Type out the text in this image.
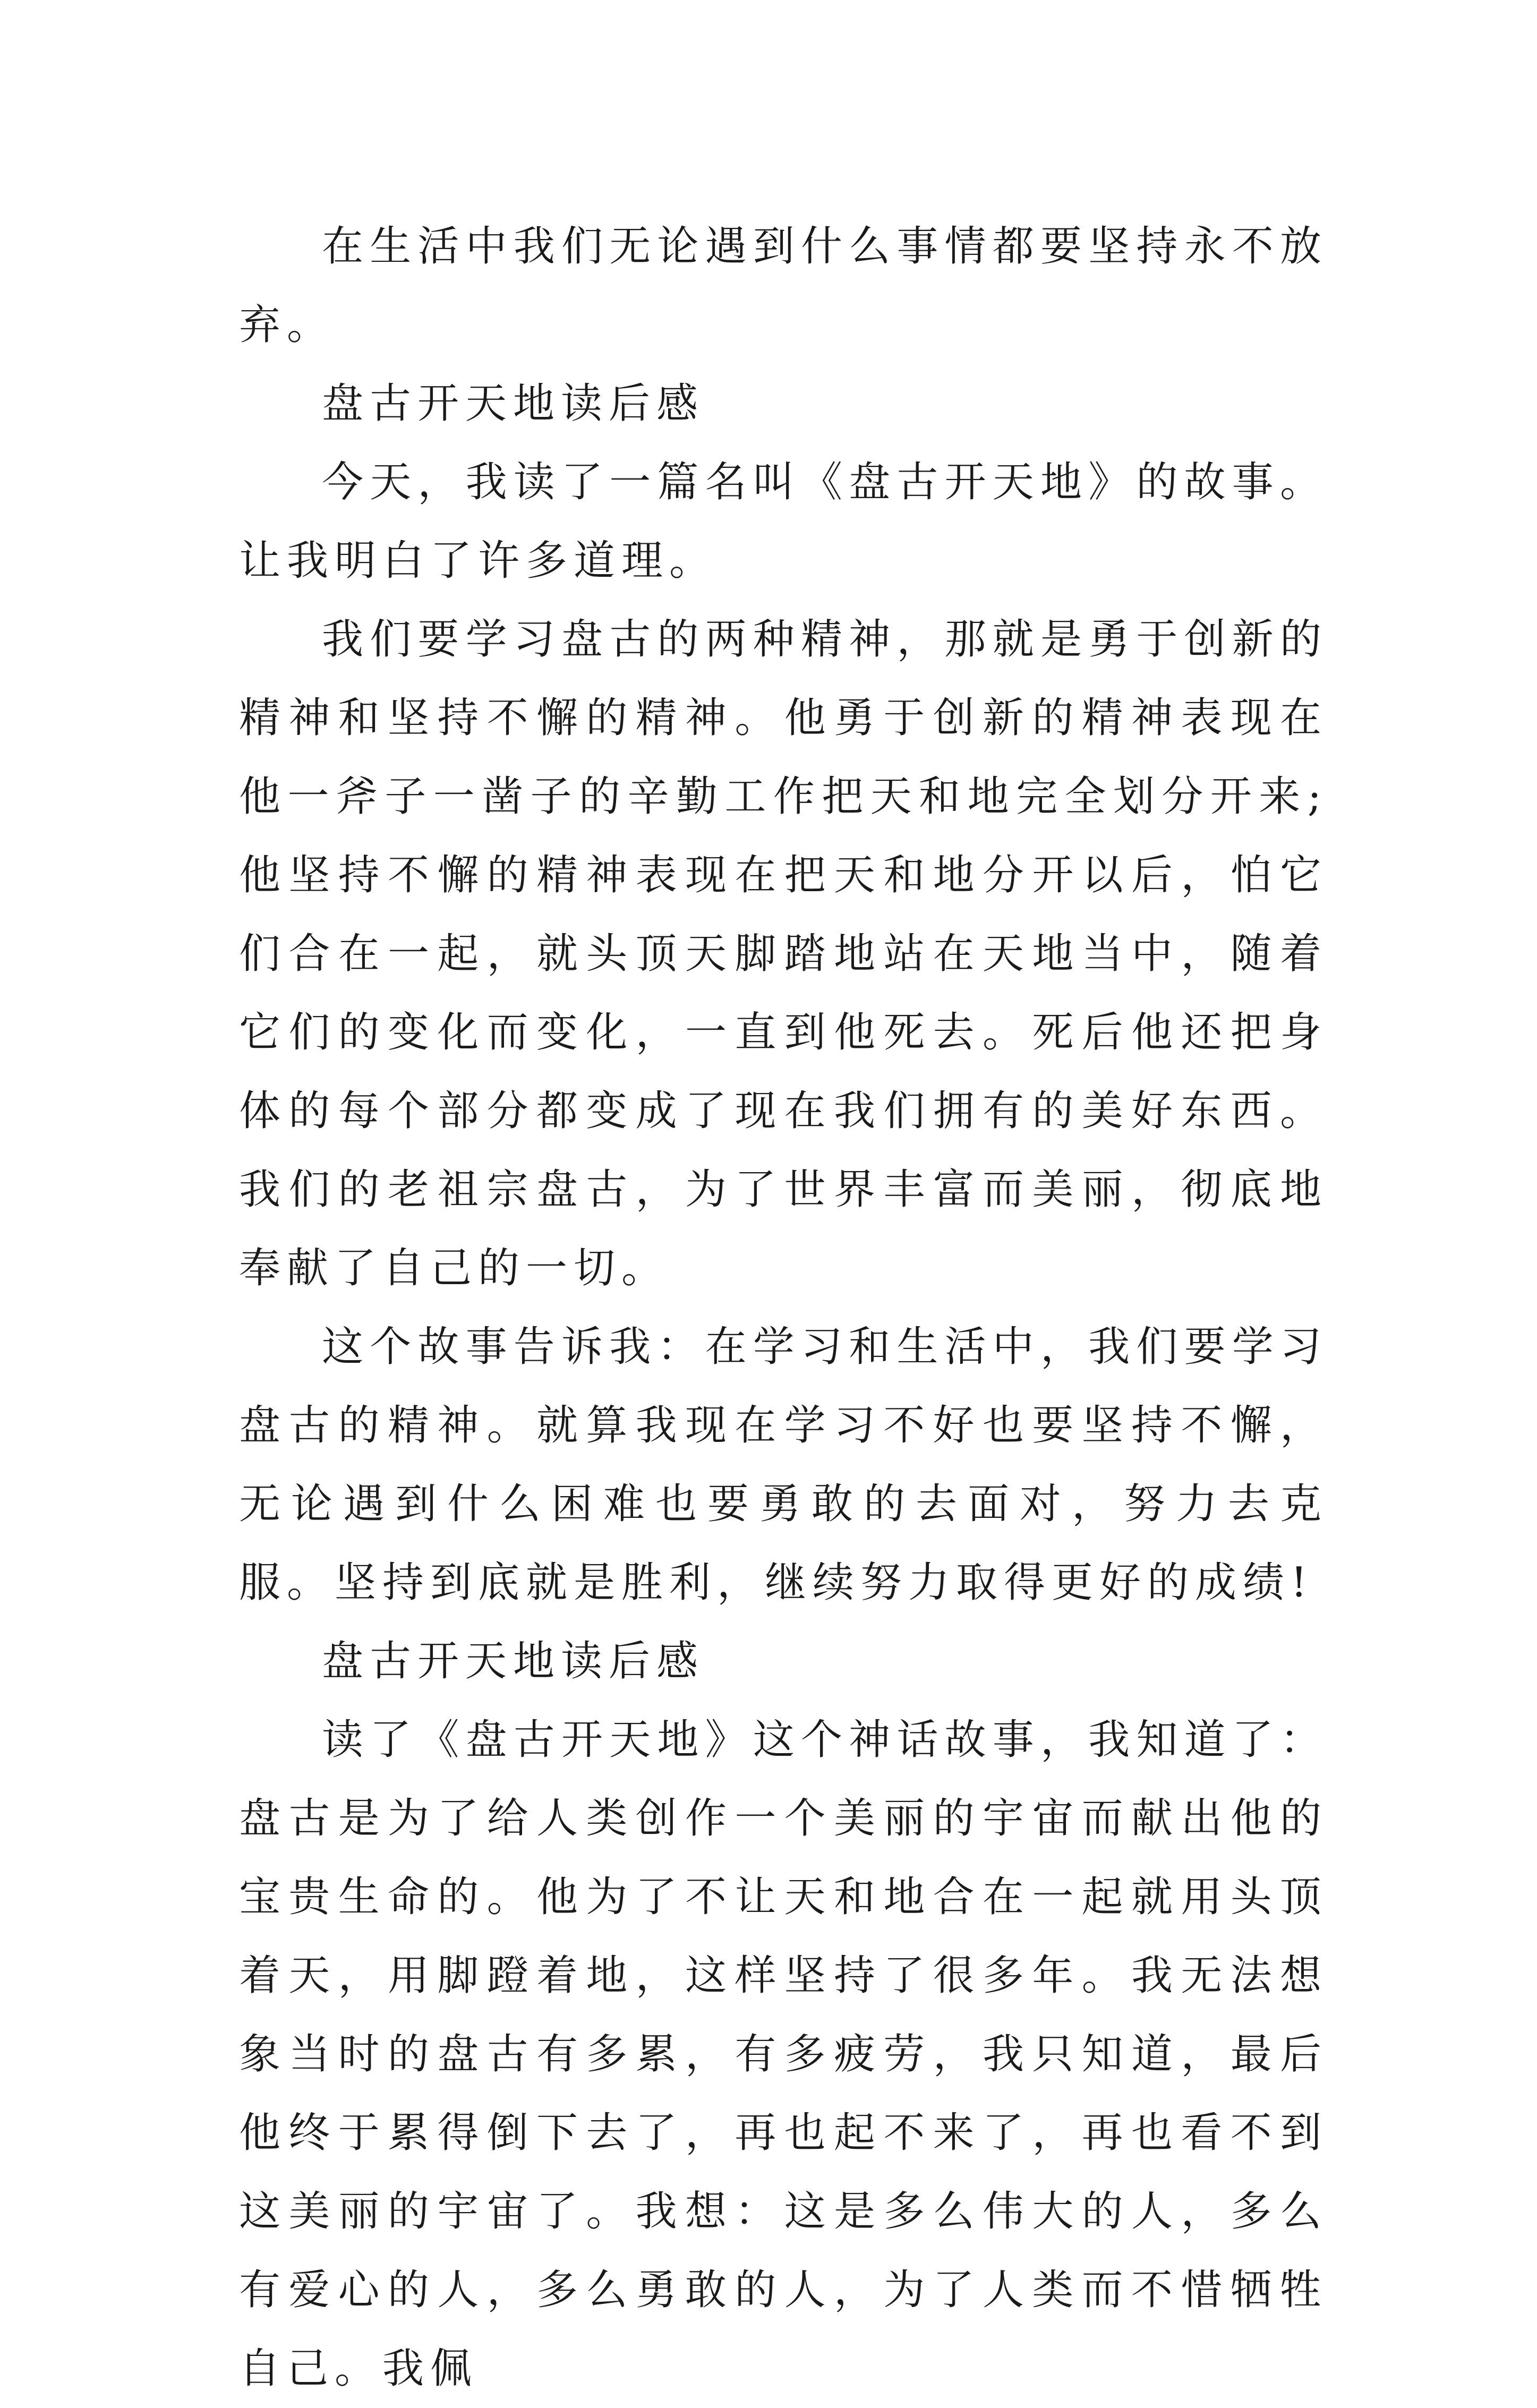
在生活中我们无论遇到什么事情都要坚持永不放弃。

盘古开天地读后感

今天，我读了一篇名叫《盘古开天地》的故事。让我明白了许多道理。

我们要学习盘古的两种精神，那就是勇于创新的精神和坚持不懈的精神。他勇于创新的精神表现在他一斧子一凿子的辛勤工作把天和地完全划分开来;他坚持不懈的精神表现在把天和地分开以后，怕它们合在一起，就头顶天脚踏地站在天地当中，随着它们的变化而变化，一直到他死去。死后他还把身体的每个部分都变成了现在我们拥有的美好东西。我们的老祖宗盘古，为了世界丰富而美丽，彻底地奉献了自己的一切。

这个故事告诉我：在学习和生活中，我们要学习盘古的精神。就算我现在学习不好也要坚持不懈，无论遇到什么困难也要勇敢的去面对，努力去克服。坚持到底就是胜利，继续努力取得更好的成绩!

盘古开天地读后感

读了《盘古开天地》这个神话故事，我知道了：盘古是为了给人类创作一个美丽的宇宙而献出他的宝贵生命的。他为了不让天和地合在一起就用头顶着天，用脚蹬着地，这样坚持了很多年。我无法想象当时的盘古有多累，有多疲劳，我只知道，最后他终于累得倒下去了，再也起不来了，再也看不到这美丽的宇宙了。我想：这是多么伟大的人，多么有爱心的人，多么勇敢的人，为了人类而不惜牺牲自己。我佩
